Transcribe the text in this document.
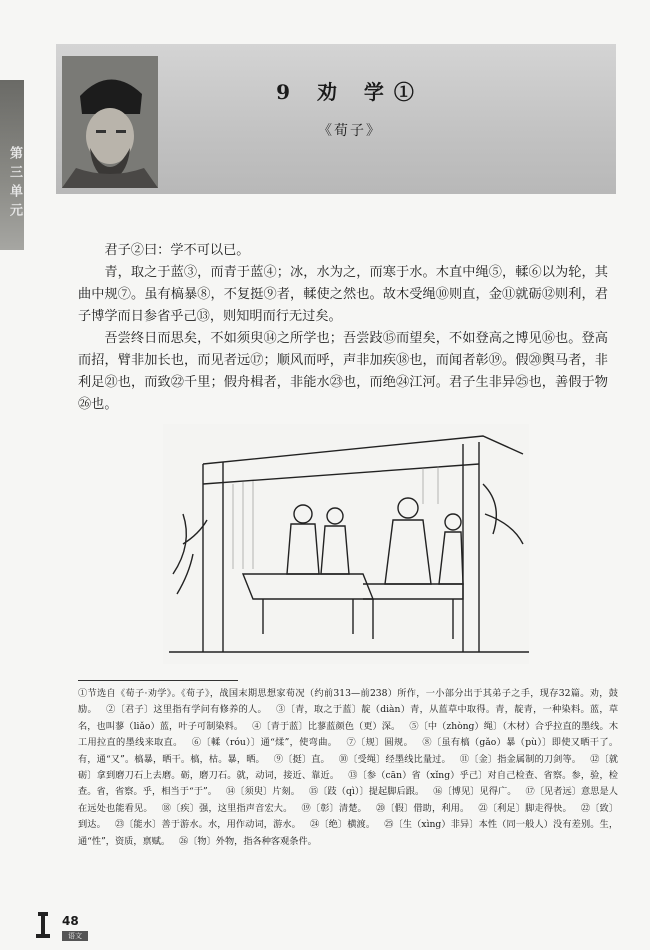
9 劝 学①
《荀子》
第三单元

君子②曰：学不可以已。

青，取之于蓝③，而青于蓝④；冰，水为之，而寒于水。木直中绳⑤，輮⑥以为轮，其曲中规⑦。虽有槁暴⑧，不复挺⑨者，輮使之然也。故木受绳⑩则直，金⑪就砺⑫则利，君子博学而日参省乎己⑬，则知明而行无过矣。

吾尝终日而思矣，不如须臾⑭之所学也；吾尝跂⑮而望矣，不如登高之博见⑯也。登高而招，臂非加长也，而见者远⑰；顺风而呼，声非加疾⑱也，而闻者彰⑲。假⑳舆马者，非利足㉑也，而致㉒千里；假舟楫者，非能水㉓也，而绝㉔江河。君子生非异㉕也，善假于物㉖也。

①节选自《荀子·劝学》。《荀子》，战国末期思想家荀况（约前313—前238）所作，一小部分出于其弟子之手，现存32篇。劝，鼓励。 ②〔君子〕这里指有学问有修养的人。 ③〔青，取之于蓝〕靛（diàn）青，从蓝草中取得。青，靛青，一种染料。蓝，草名，也叫蓼（liǎo）蓝，叶子可制染料。 ④〔青于蓝〕比蓼蓝颜色（更）深。 ⑤〔中（zhòng）绳〕（木材）合乎拉直的墨线。木工用拉直的墨线来取直。 ⑥〔輮（róu）〕通“煣”，使弯曲。 ⑦〔规〕圆规。 ⑧〔虽有槁（gǎo）暴（pù）〕即使又晒干了。有，通“又”。槁暴，晒干。槁，枯。暴，晒。 ⑨〔挺〕直。 ⑩〔受绳〕经墨线比量过。 ⑪〔金〕指金属制的刀剑等。 ⑫〔就砺〕拿到磨刀石上去磨。砺，磨刀石。就，动词，接近、靠近。 ⑬〔参（cān）省（xǐng）乎己〕对自己检查、省察。参，验，检查。省，省察。乎，相当于“于”。 ⑭〔须臾〕片刻。 ⑮〔跂（qì）〕提起脚后跟。 ⑯〔博见〕见得广。 ⑰〔见者远〕意思是人在远处也能看见。 ⑱〔疾〕强，这里指声音宏大。 ⑲〔彰〕清楚。 ⑳〔假〕借助，利用。 ㉑〔利足〕脚走得快。 ㉒〔致〕到达。 ㉓〔能水〕善于游水。水，用作动词，游水。 ㉔〔绝〕横渡。 ㉕〔生（xìng）非异〕本性（同一般人）没有差别。生，通“性”，资质，禀赋。 ㉖〔物〕外物，指各种客观条件。
48
语文
